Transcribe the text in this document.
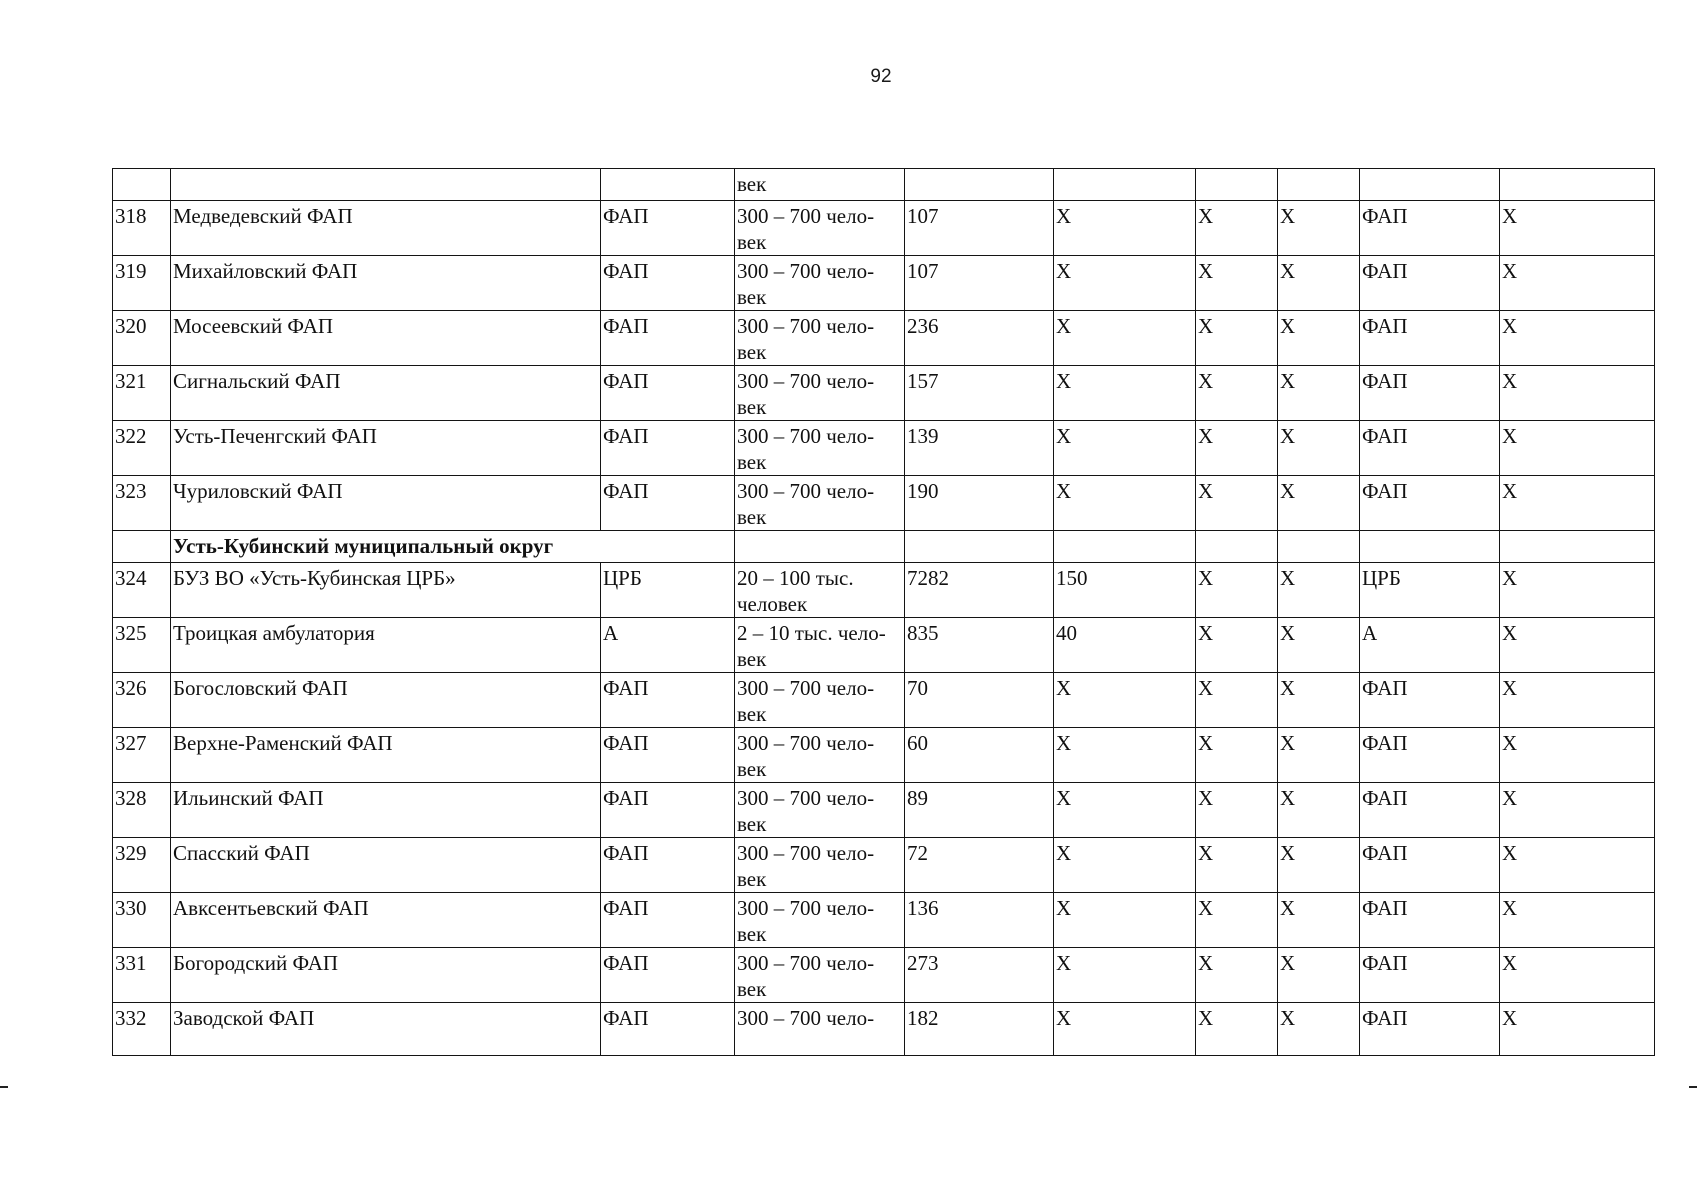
92
			век						
318	Медведевский ФАП	ФАП	300 – 700 чело- век	107	Х	Х	Х	ФАП	Х
319	Михайловский ФАП	ФАП	300 – 700 чело- век	107	Х	Х	Х	ФАП	Х
320	Мосеевский ФАП	ФАП	300 – 700 чело- век	236	Х	Х	Х	ФАП	Х
321	Сигнальский ФАП	ФАП	300 – 700 чело- век	157	Х	Х	Х	ФАП	Х
322	Усть-Печенгский ФАП	ФАП	300 – 700 чело- век	139	Х	Х	Х	ФАП	Х
323	Чуриловский ФАП	ФАП	300 – 700 чело- век	190	Х	Х	Х	ФАП	Х
	Усть-Кубинский муниципальный округ								
324	БУЗ ВО «Усть-Кубинская ЦРБ»	ЦРБ	20 – 100 тыс. человек	7282	150	Х	Х	ЦРБ	Х
325	Троицкая амбулатория	А	2 – 10 тыс. чело- век	835	40	Х	Х	А	Х
326	Богословский ФАП	ФАП	300 – 700 чело- век	70	Х	Х	Х	ФАП	Х
327	Верхне-Раменский ФАП	ФАП	300 – 700 чело- век	60	Х	Х	Х	ФАП	Х
328	Ильинский ФАП	ФАП	300 – 700 чело- век	89	Х	Х	Х	ФАП	Х
329	Спасский ФАП	ФАП	300 – 700 чело- век	72	Х	Х	Х	ФАП	Х
330	Авксентьевский ФАП	ФАП	300 – 700 чело- век	136	Х	Х	Х	ФАП	Х
331	Богородский ФАП	ФАП	300 – 700 чело- век	273	Х	Х	Х	ФАП	Х
332	Заводской ФАП	ФАП	300 – 700 чело-	182	Х	Х	Х	ФАП	Х
